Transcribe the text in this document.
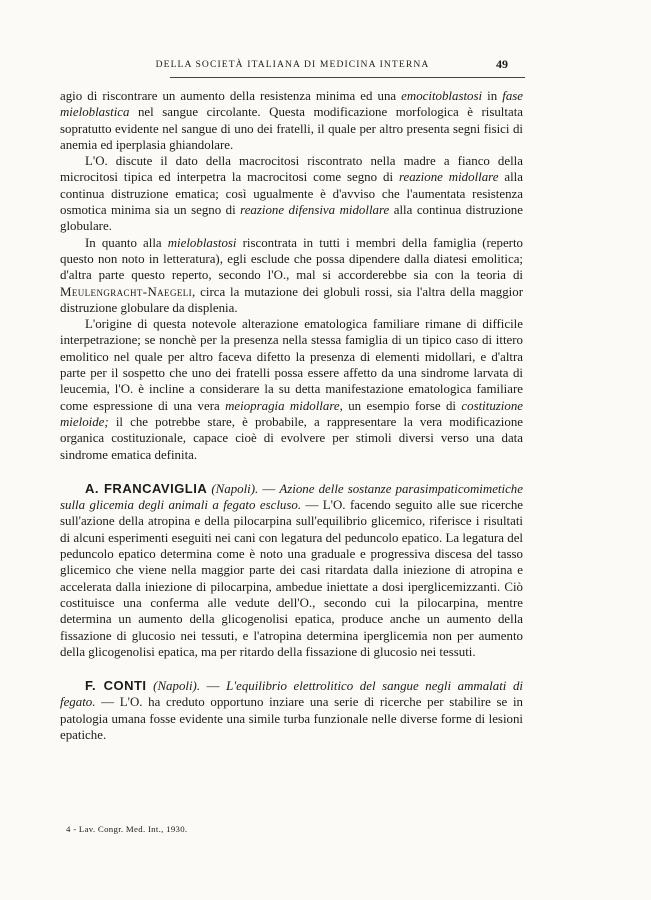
DELLA SOCIETÀ ITALIANA DI MEDICINA INTERNA	49

agio di riscontrare un aumento della resistenza minima ed una emocitoblastosi in fase mieloblastica nel sangue circolante. Questa modificazione morfologica è risultata sopratutto evidente nel sangue di uno dei fratelli, il quale per altro presenta segni fisici di anemia ed iperplasia ghiandolare.

L'O. discute il dato della macrocitosi riscontrato nella madre a fianco della microcitosi tipica ed interpetra la macrocitosi come segno di reazione midollare alla continua distruzione ematica; così ugualmente è d'avviso che l'aumentata resistenza osmotica minima sia un segno di reazione difensiva midollare alla continua distruzione globulare.

In quanto alla mieloblastosi riscontrata in tutti i membri della famiglia (reperto questo non noto in letteratura), egli esclude che possa dipendere dalla diatesi emolitica; d'altra parte questo reperto, secondo l'O., mal si accorderebbe sia con la teoria di Meulengracht-Naegeli, circa la mutazione dei globuli rossi, sia l'altra della maggior distruzione globulare da displenia.

L'origine di questa notevole alterazione ematologica familiare rimane di difficile interpetrazione; se nonchè per la presenza nella stessa famiglia di un tipico caso di ittero emolitico nel quale per altro faceva difetto la presenza di elementi midollari, e d'altra parte per il sospetto che uno dei fratelli possa essere affetto da una sindrome larvata di leucemia, l'O. è incline a considerare la su detta manifestazione ematologica familiare come espressione di una vera meiopragia midollare, un esempio forse di costituzione mieloide; il che potrebbe stare, è probabile, a rappresentare la vera modificazione organica costituzionale, capace cioè di evolvere per stimoli diversi verso una data sindrome ematica definita.

A. FRANCAVIGLIA (Napoli). — Azione delle sostanze parasimpaticomimetiche sulla glicemia degli animali a fegato escluso. — L'O. facendo seguito alle sue ricerche sull'azione della atropina e della pilocarpina sull'equilibrio glicemico, riferisce i risultati di alcuni esperimenti eseguiti nei cani con legatura del peduncolo epatico. La legatura del peduncolo epatico determina come è noto una graduale e progressiva discesa del tasso glicemico che viene nella maggior parte dei casi ritardata dalla iniezione di atropina e accelerata dalla iniezione di pilocarpina, ambedue iniettate a dosi iperglicemizzanti. Ciò costituisce una conferma alle vedute dell'O., secondo cui la pilocarpina, mentre determina un aumento della glicogenolisi epatica, produce anche un aumento della fissazione di glucosio nei tessuti, e l'atropina determina iperglicemia non per aumento della glicogenolisi epatica, ma per ritardo della fissazione di glucosio nei tessuti.

F. CONTI (Napoli). — L'equilibrio elettrolitico del sangue negli ammalati di fegato. — L'O. ha creduto opportuno inziare una serie di ricerche per stabilire se in patologia umana fosse evidente una simile turba funzionale nelle diverse forme di lesioni epatiche.

4 - Lav. Congr. Med. Int., 1930.
